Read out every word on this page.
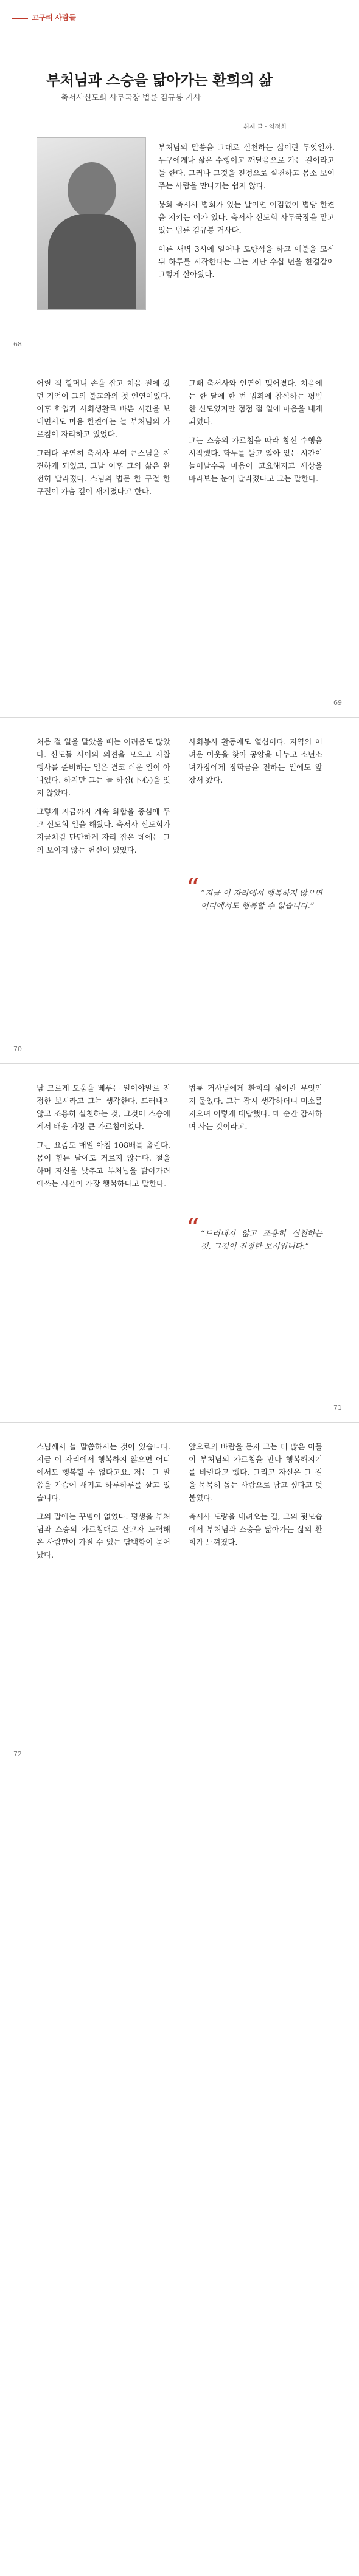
고구려 사람들
부처님과 스승을 닮아가는 환희의 삶
축서사신도회 사무국장 법륜 김규봉 거사
취재 글 · 임정희

부처님의 말씀을 그대로 실천하는 삶이란 무엇일까. 누구에게나 삶은 수행이고 깨달음으로 가는 길이라고들 한다. 그러나 그것을 진정으로 실천하고 몸소 보여주는 사람을 만나기는 쉽지 않다.

봉화 축서사 법회가 있는 날이면 어김없이 법당 한켠을 지키는 이가 있다. 축서사 신도회 사무국장을 맡고 있는 법륜 김규봉 거사다.

이른 새벽 3시에 일어나 도량석을 하고 예불을 모신 뒤 하루를 시작한다는 그는 지난 수십 년을 한결같이 그렇게 살아왔다.

68

어릴 적 할머니 손을 잡고 처음 절에 갔던 기억이 그의 불교와의 첫 인연이었다. 이후 학업과 사회생활로 바쁜 시간을 보내면서도 마음 한켠에는 늘 부처님의 가르침이 자리하고 있었다.

그러다 우연히 축서사 무여 큰스님을 친견하게 되었고, 그날 이후 그의 삶은 완전히 달라졌다. 스님의 법문 한 구절 한 구절이 가슴 깊이 새겨졌다고 한다.

그때 축서사와 인연이 맺어졌다. 처음에는 한 달에 한 번 법회에 참석하는 평범한 신도였지만 점점 절 일에 마음을 내게 되었다.

그는 스승의 가르침을 따라 참선 수행을 시작했다. 화두를 들고 앉아 있는 시간이 늘어날수록 마음이 고요해지고 세상을 바라보는 눈이 달라졌다고 그는 말한다.

69

처음 절 일을 맡았을 때는 어려움도 많았다. 신도들 사이의 의견을 모으고 사찰 행사를 준비하는 일은 결코 쉬운 일이 아니었다. 하지만 그는 늘 하심(下心)을 잊지 않았다.

그렇게 지금까지 계속 화합을 중심에 두고 신도회 일을 해왔다. 축서사 신도회가 지금처럼 단단하게 자리 잡은 데에는 그의 보이지 않는 헌신이 있었다.

사회봉사 활동에도 열심이다. 지역의 어려운 이웃을 찾아 공양을 나누고 소년소녀가장에게 장학금을 전하는 일에도 앞장서 왔다.

“ “지금 이 자리에서 행복하지 않으면 어디에서도 행복할 수 없습니다.”
70

남 모르게 도움을 베푸는 일이야말로 진정한 보시라고 그는 생각한다. 드러내지 않고 조용히 실천하는 것, 그것이 스승에게서 배운 가장 큰 가르침이었다.

그는 요즘도 매일 아침 108배를 올린다. 몸이 힘든 날에도 거르지 않는다. 절을 하며 자신을 낮추고 부처님을 닮아가려 애쓰는 시간이 가장 행복하다고 말한다.

법륜 거사님에게 환희의 삶이란 무엇인지 물었다. 그는 잠시 생각하더니 미소를 지으며 이렇게 대답했다. 매 순간 감사하며 사는 것이라고.

“ “드러내지 않고 조용히 실천하는 것, 그것이 진정한 보시입니다.”
71

스님께서 늘 말씀하시는 것이 있습니다. 지금 이 자리에서 행복하지 않으면 어디에서도 행복할 수 없다고요. 저는 그 말씀을 가슴에 새기고 하루하루를 살고 있습니다.

그의 말에는 꾸밈이 없었다. 평생을 부처님과 스승의 가르침대로 살고자 노력해 온 사람만이 가질 수 있는 담백함이 묻어났다.

앞으로의 바람을 묻자 그는 더 많은 이들이 부처님의 가르침을 만나 행복해지기를 바란다고 했다. 그리고 자신은 그 길을 묵묵히 돕는 사람으로 남고 싶다고 덧붙였다.

축서사 도량을 내려오는 길, 그의 뒷모습에서 부처님과 스승을 닮아가는 삶의 환희가 느껴졌다.

72
